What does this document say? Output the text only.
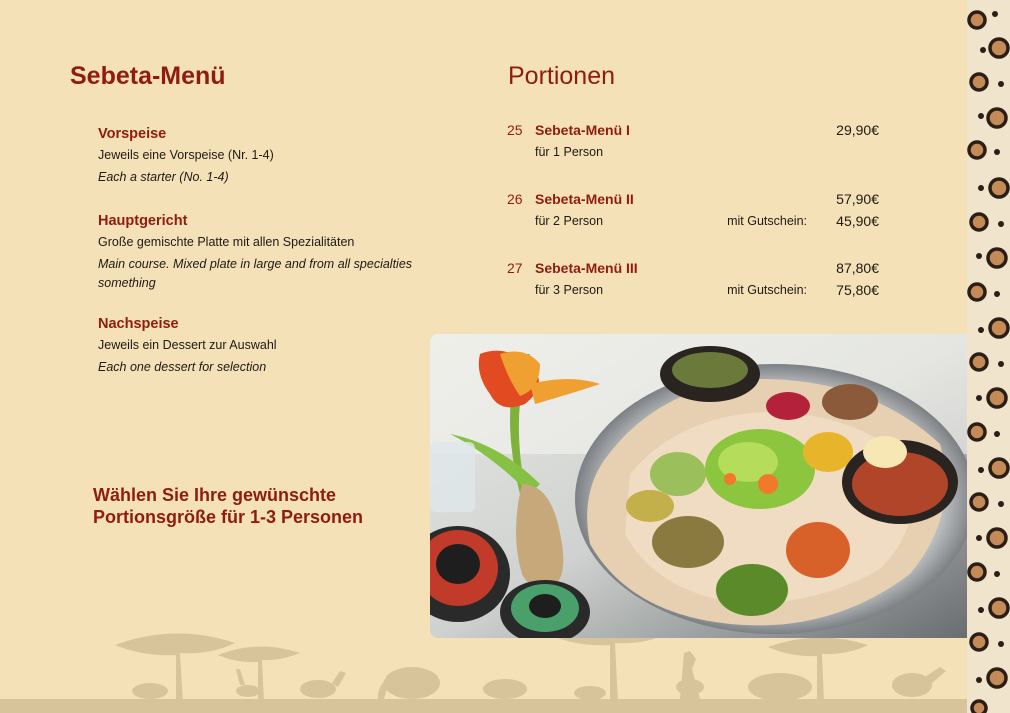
Sebeta-Menü
Vorspeise
Jeweils eine Vorspeise (Nr. 1-4)
Each a starter (No. 1-4)
Hauptgericht
Große gemischte Platte mit allen Spezialitäten
Main course. Mixed plate in large and from all specialties something
Nachspeise
Jeweils ein Dessert zur Auswahl
Each one dessert for selection
Wählen Sie Ihre gewünschte Portionsgröße für 1-3 Personen
Portionen
25 Sebeta-Menü I	29,90€
für 1 Person
26 Sebeta-Menü II	57,90€
für 2 Person	mit Gutschein: 45,90€
27 Sebeta-Menü III	87,80€
für 3 Person	mit Gutschein: 75,80€
